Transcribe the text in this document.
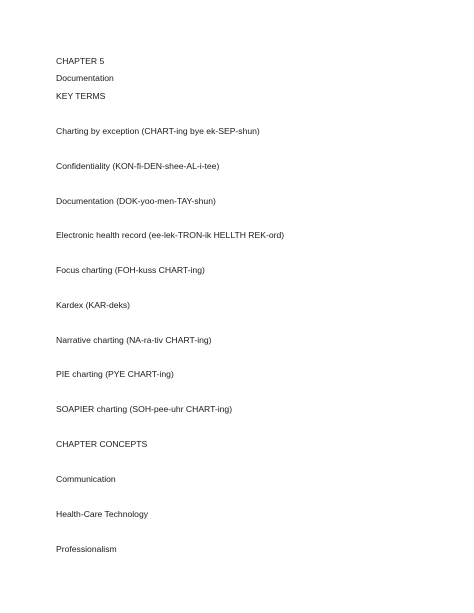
CHAPTER 5
Documentation
KEY TERMS
Charting by exception (CHART-ing bye ek-SEP-shun)
Confidentiality (KON-fi-DEN-shee-AL-i-tee)
Documentation (DOK-yoo-men-TAY-shun)
Electronic health record (ee-lek-TRON-ik HELLTH REK-ord)
Focus charting (FOH-kuss CHART-ing)
Kardex (KAR-deks)
Narrative charting (NA-ra-tiv CHART-ing)
PIE charting (PYE CHART-ing)
SOAPIER charting (SOH-pee-uhr CHART-ing)
CHAPTER CONCEPTS
Communication
Health-Care Technology
Professionalism
